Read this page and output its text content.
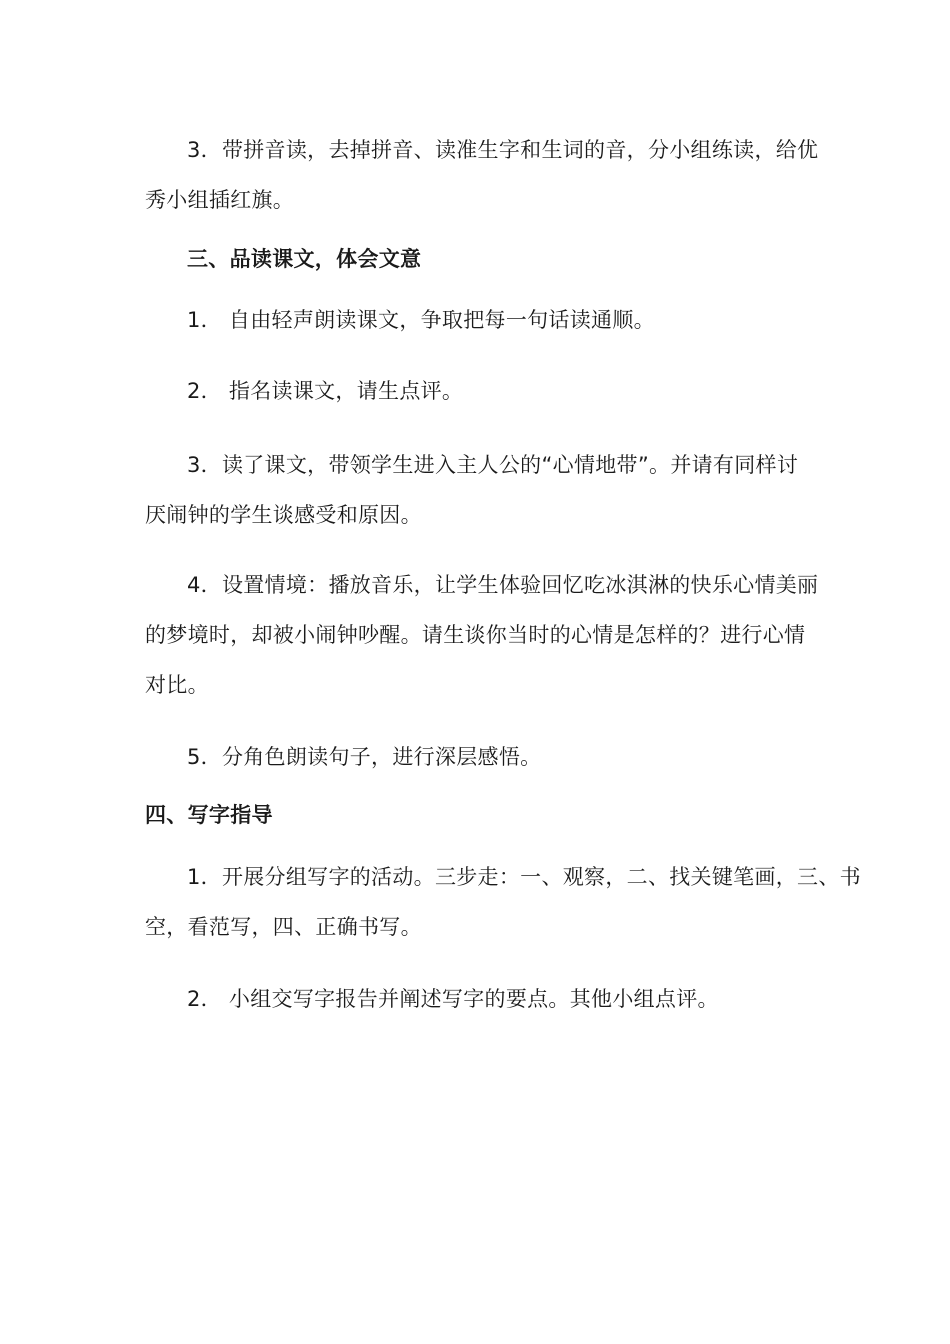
3．带拼音读，去掉拼音、读准生字和生词的音，分小组练读，给优

秀小组插红旗。

三、品读课文，体会文意

1． 自由轻声朗读课文，争取把每一句话读通顺。

2． 指名读课文，请生点评。

3．读了课文，带领学生进入主人公的“心情地带”。并请有同样讨

厌闹钟的学生谈感受和原因。

4．设置情境：播放音乐，让学生体验回忆吃冰淇淋的快乐心情美丽

的梦境时，却被小闹钟吵醒。请生谈你当时的心情是怎样的？进行心情

对比。

5．分角色朗读句子，进行深层感悟。

四、写字指导

1．开展分组写字的活动。三步走：一、观察，二、找关键笔画，三、书

空，看范写，四、正确书写。

2． 小组交写字报告并阐述写字的要点。其他小组点评。
